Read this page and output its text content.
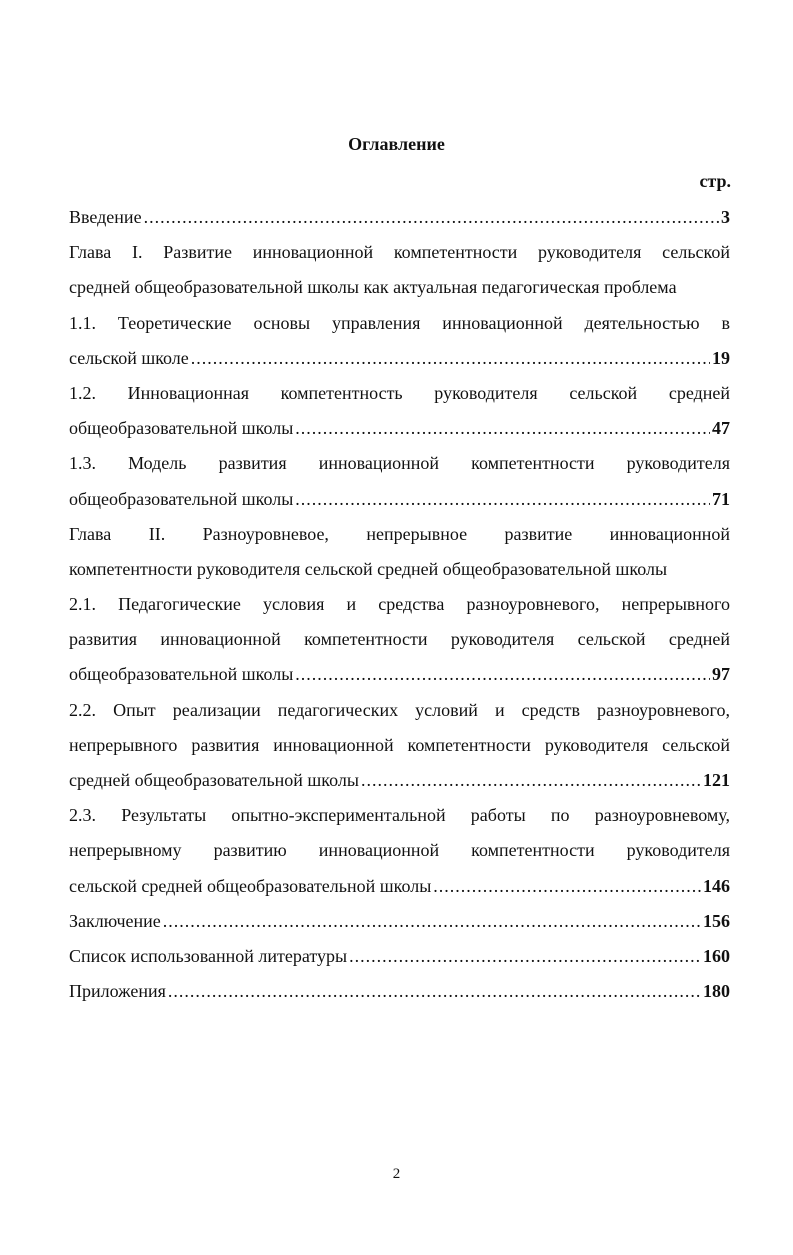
Оглавление
стр.
Введение .....	3
Глава I. Развитие инновационной компетентности руководителя сельской
средней общеобразовательной школы как актуальная педагогическая проблема
1.1. Теоретические основы управления инновационной деятельностью в
сельской школе .....	19
1.2. Инновационная компетентность руководителя сельской средней
общеобразовательной школы .....	47
1.3. Модель развития инновационной компетентности руководителя
общеобразовательной школы .....	71
Глава II. Разноуровневое, непрерывное развитие инновационной
компетентности руководителя сельской средней общеобразовательной школы
2.1. Педагогические условия и средства разноуровневого, непрерывного
развития инновационной компетентности руководителя сельской средней
общеобразовательной школы .....	97
2.2. Опыт реализации педагогических условий и средств разноуровневого,
непрерывного развития инновационной компетентности руководителя сельской
средней общеобразовательной школы .....	121
2.3. Результаты опытно-экспериментальной работы по разноуровневому,
непрерывному развитию инновационной компетентности руководителя
сельской средней общеобразовательной школы .....	146
Заключение .....	156
Список использованной литературы .....	160
Приложения .....	180
2
